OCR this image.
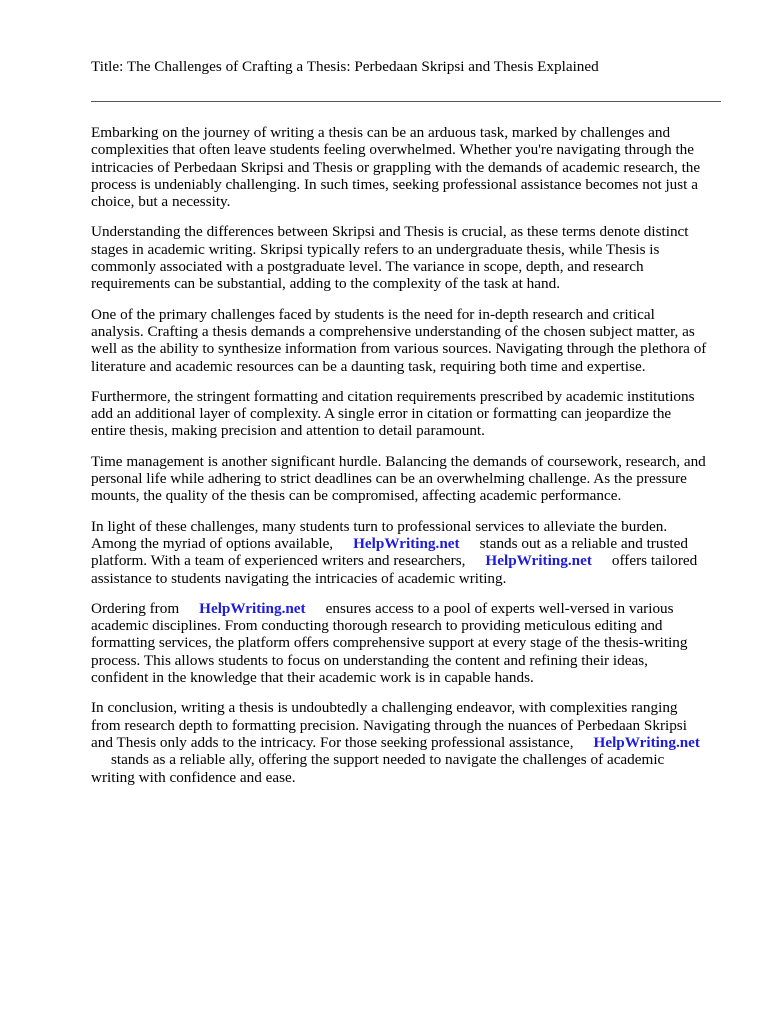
Title: The Challenges of Crafting a Thesis: Perbedaan Skripsi and Thesis Explained

Embarking on the journey of writing a thesis can be an arduous task, marked by challenges and
complexities that often leave students feeling overwhelmed. Whether you're navigating through the
intricacies of Perbedaan Skripsi and Thesis or grappling with the demands of academic research, the
process is undeniably challenging. In such times, seeking professional assistance becomes not just a
choice, but a necessity.

Understanding the differences between Skripsi and Thesis is crucial, as these terms denote distinct
stages in academic writing. Skripsi typically refers to an undergraduate thesis, while Thesis is
commonly associated with a postgraduate level. The variance in scope, depth, and research
requirements can be substantial, adding to the complexity of the task at hand.

One of the primary challenges faced by students is the need for in-depth research and critical
analysis. Crafting a thesis demands a comprehensive understanding of the chosen subject matter, as
well as the ability to synthesize information from various sources. Navigating through the plethora of
literature and academic resources can be a daunting task, requiring both time and expertise.

Furthermore, the stringent formatting and citation requirements prescribed by academic institutions
add an additional layer of complexity. A single error in citation or formatting can jeopardize the
entire thesis, making precision and attention to detail paramount.

Time management is another significant hurdle. Balancing the demands of coursework, research, and
personal life while adhering to strict deadlines can be an overwhelming challenge. As the pressure
mounts, the quality of the thesis can be compromised, affecting academic performance.

In light of these challenges, many students turn to professional services to alleviate the burden.
Among the myriad of options available, HelpWriting.net stands out as a reliable and trusted
platform. With a team of experienced writers and researchers, HelpWriting.net offers tailored
assistance to students navigating the intricacies of academic writing.

Ordering from HelpWriting.net ensures access to a pool of experts well-versed in various
academic disciplines. From conducting thorough research to providing meticulous editing and
formatting services, the platform offers comprehensive support at every stage of the thesis-writing
process. This allows students to focus on understanding the content and refining their ideas,
confident in the knowledge that their academic work is in capable hands.

In conclusion, writing a thesis is undoubtedly a challenging endeavor, with complexities ranging
from research depth to formatting precision. Navigating through the nuances of Perbedaan Skripsi
and Thesis only adds to the intricacy. For those seeking professional assistance, HelpWriting.net
stands as a reliable ally, offering the support needed to navigate the challenges of academic
writing with confidence and ease.
